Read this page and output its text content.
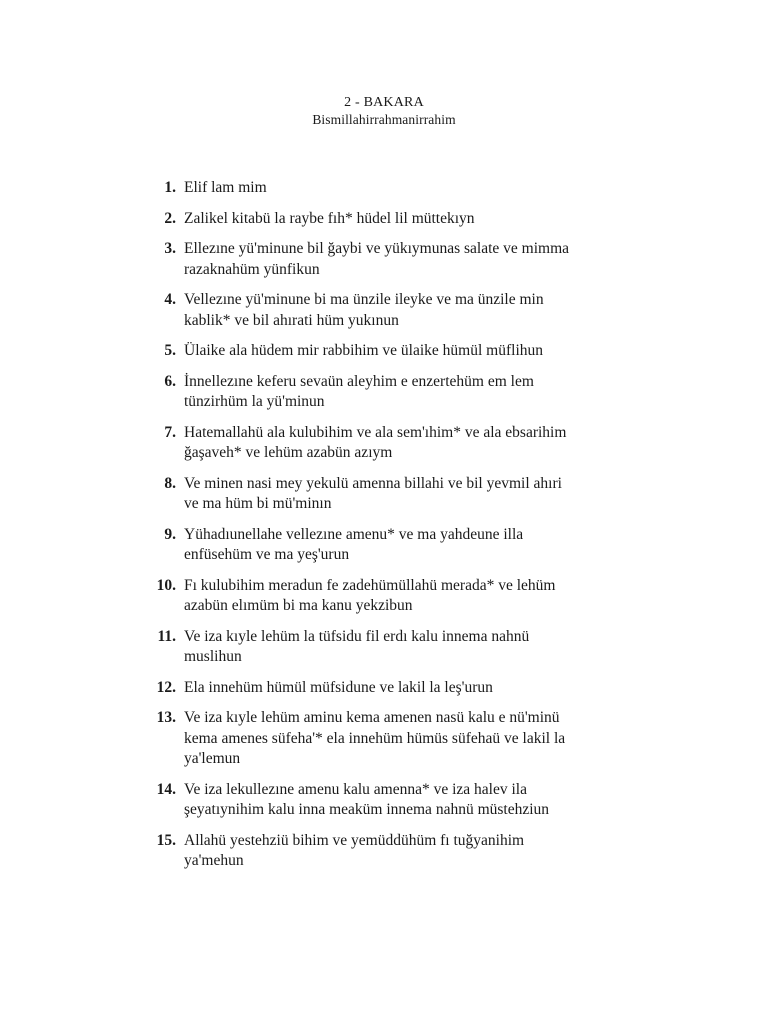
2 - BAKARA
Bismillahirrahmanirrahim
1. Elif lam mim
2. Zalikel kitabü la raybe fıh* hüdel lil müttekıyn
3. Ellezıne yü'minune bil ğaybi ve yükıymunas salate ve mimma razaknahüm yünfikun
4. Vellezıne yü'minune bi ma ünzile ileyke ve ma ünzile min kablik* ve bil ahırati hüm yukınun
5. Ülaike ala hüdem mir rabbihim ve ülaike hümül müflihun
6. İnnellezıne keferu sevaün aleyhim e enzertehüm em lem tünzirhüm la yü'minun
7. Hatemallahü ala kulubihim ve ala sem'ıhim* ve ala ebsarihim ğaşaveh* ve lehüm azabün azıym
8. Ve minen nasi mey yekulü amenna billahi ve bil yevmil ahıri ve ma hüm bi mü'minın
9. Yühadıunellahe vellezıne amenu* ve ma yahdeune illa enfüsehüm ve ma yeş'urun
10. Fı kulubihim meradun fe zadehümüllahü merada* ve lehüm azabün elımüm bi ma kanu yekzibun
11. Ve iza kıyle lehüm la tüfsidu fil erdı kalu innema nahnü muslihun
12. Ela innehüm hümül müfsidune ve lakil la leş'urun
13. Ve iza kıyle lehüm aminu kema amenen nasü kalu e nü'minü kema amenes süfeha'* ela innehüm hümüs süfehaü ve lakil la ya'lemun
14. Ve iza lekullezıne amenu kalu amenna* ve iza halev ila şeyatıynihim kalu inna meaküm innema nahnü müstehziun
15. Allahü yestehziü bihim ve yemüddühüm fı tuğyanihim ya'mehun
